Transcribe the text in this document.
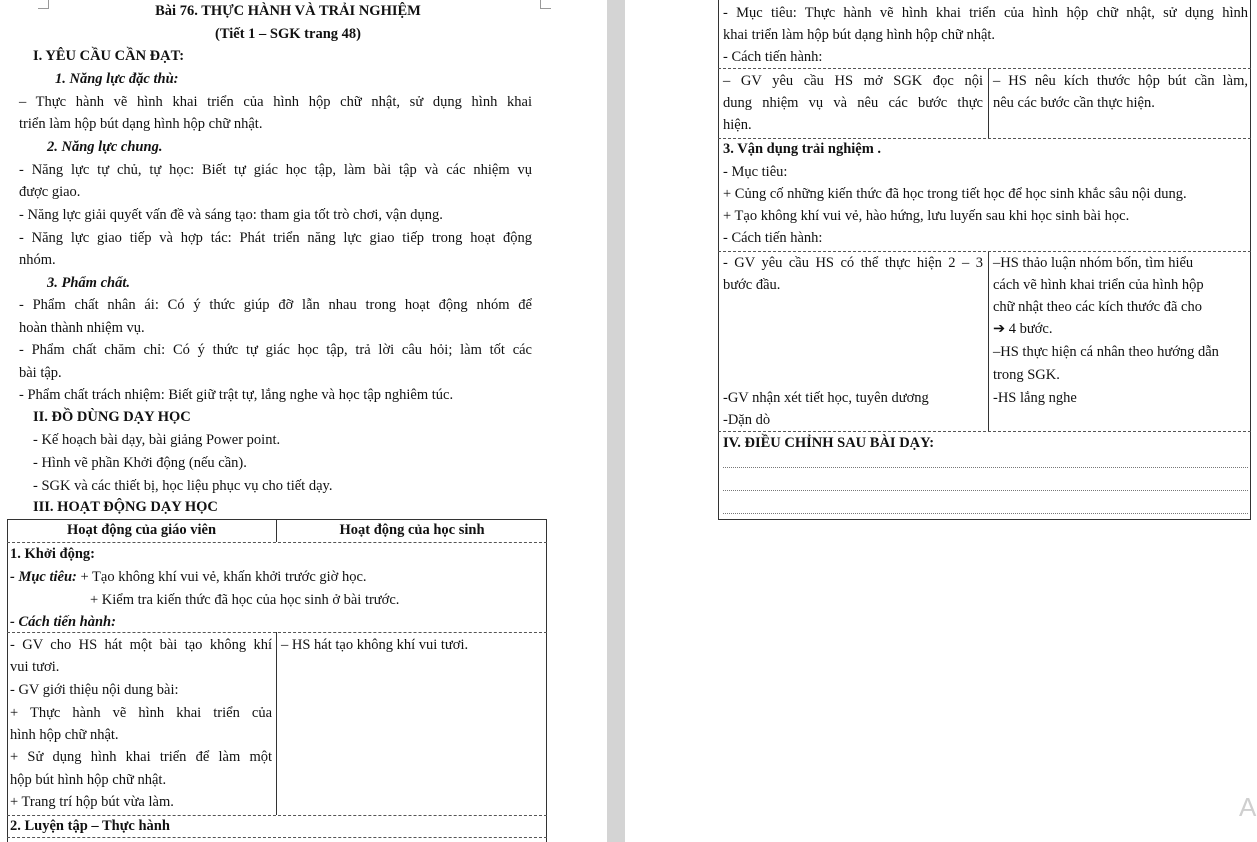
Bài 76. THỰC HÀNH VÀ TRẢI NGHIỆM
(Tiết 1 – SGK trang 48)
I. YÊU CẦU CẦN ĐẠT:
1. Năng lực đặc thù:
– Thực hành vẽ hình khai triển của hình hộp chữ nhật, sử dụng hình khai
triển làm hộp bút dạng hình hộp chữ nhật.
2. Năng lực chung.
- Năng lực tự chủ, tự học: Biết tự giác học tập, làm bài tập và các nhiệm vụ
được giao.
- Năng lực giải quyết vấn đề và sáng tạo: tham gia tốt trò chơi, vận dụng.
- Năng lực giao tiếp và hợp tác: Phát triển năng lực giao tiếp trong hoạt động
nhóm.
3. Phẩm chất.
- Phẩm chất nhân ái: Có ý thức giúp đỡ lẫn nhau trong hoạt động nhóm để
hoàn thành nhiệm vụ.
- Phẩm chất chăm chỉ: Có ý thức tự giác học tập, trả lời câu hỏi; làm tốt các
bài tập.
- Phẩm chất trách nhiệm: Biết giữ trật tự, lắng nghe và học tập nghiêm túc.
II. ĐỒ DÙNG DẠY HỌC
- Kế hoạch bài dạy, bài giảng Power point.
- Hình vẽ phần Khởi động (nếu cần).
- SGK và các thiết bị, học liệu phục vụ cho tiết dạy.
III. HOẠT ĐỘNG DẠY HỌC
Hoạt động của giáo viên	Hoạt động của học sinh
1. Khởi động:
- Mục tiêu: + Tạo không khí vui vẻ, khấn khởi trước giờ học.
+ Kiểm tra kiến thức đã học của học sinh ở bài trước.
- Cách tiến hành:
- GV cho HS hát một bài tạo không khí
vui tươi.
– HS hát tạo không khí vui tươi.
- GV giới thiệu nội dung bài:
+ Thực hành vẽ hình khai triển của
hình hộp chữ nhật.
+ Sử dụng hình khai triển để làm một
hộp bút hình hộp chữ nhật.
+ Trang trí hộp bút vừa làm.
2. Luyện tập – Thực hành
- Mục tiêu: Thực hành vẽ hình khai triển của hình hộp chữ nhật, sử dụng hình
khai triển làm hộp bút dạng hình hộp chữ nhật.
- Cách tiến hành:
– GV yêu cầu HS mở SGK đọc nội
dung nhiệm vụ và nêu các bước thực
hiện.
– HS nêu kích thước hộp bút cần làm,
nêu các bước cần thực hiện.
3. Vận dụng trải nghiệm .
- Mục tiêu:
+ Củng cố những kiến thức đã học trong tiết học để học sinh khắc sâu nội dung.
+ Tạo không khí vui vẻ, hào hứng, lưu luyến sau khi học sinh bài học.
- Cách tiến hành:
- GV yêu cầu HS có thể thực hiện 2 – 3
bước đầu.
–HS thảo luận nhóm bốn, tìm hiểu
cách vẽ hình khai triển của hình hộp
chữ nhật theo các kích thước đã cho
➔ 4 bước.
–HS thực hiện cá nhân theo hướng dẫn
trong SGK.
-GV nhận xét tiết học, tuyên dương	-HS lắng nghe
-Dặn dò
IV. ĐIỀU CHỈNH SAU BÀI DẠY:
A
